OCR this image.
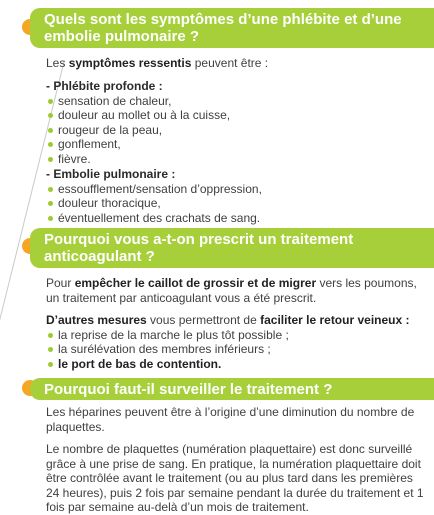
Quels sont les symptômes d’une phlébite et d’une embolie pulmonaire ?

Les symptômes ressentis peuvent être :

- Phlébite profonde :
sensation de chaleur,
douleur au mollet ou à la cuisse,
rougeur de la peau,
gonflement,
fièvre.
- Embolie pulmonaire :
essoufflement/sensation d’oppression,
douleur thoracique,
éventuellement des crachats de sang.
Pourquoi vous a-t-on prescrit un traitement anticoagulant ?

Pour empêcher le caillot de grossir et de migrer vers les poumons, un traitement par anticoagulant vous a été prescrit.

D’autres mesures vous permettront de faciliter le retour veineux :
la reprise de la marche le plus tôt possible ;
la surélévation des membres inférieurs ;
le port de bas de contention.
Pourquoi faut-il surveiller le traitement ?

Les héparines peuvent être à l’origine d’une diminution du nombre de plaquettes.

Le nombre de plaquettes (numération plaquettaire) est donc surveillé grâce à une prise de sang. En pratique, la numération plaquettaire doit être contrôlée avant le traitement (ou au plus tard dans les premières 24 heures), puis 2 fois par semaine pendant la durée du traitement et 1 fois par semaine au-delà d’un mois de traitement.
